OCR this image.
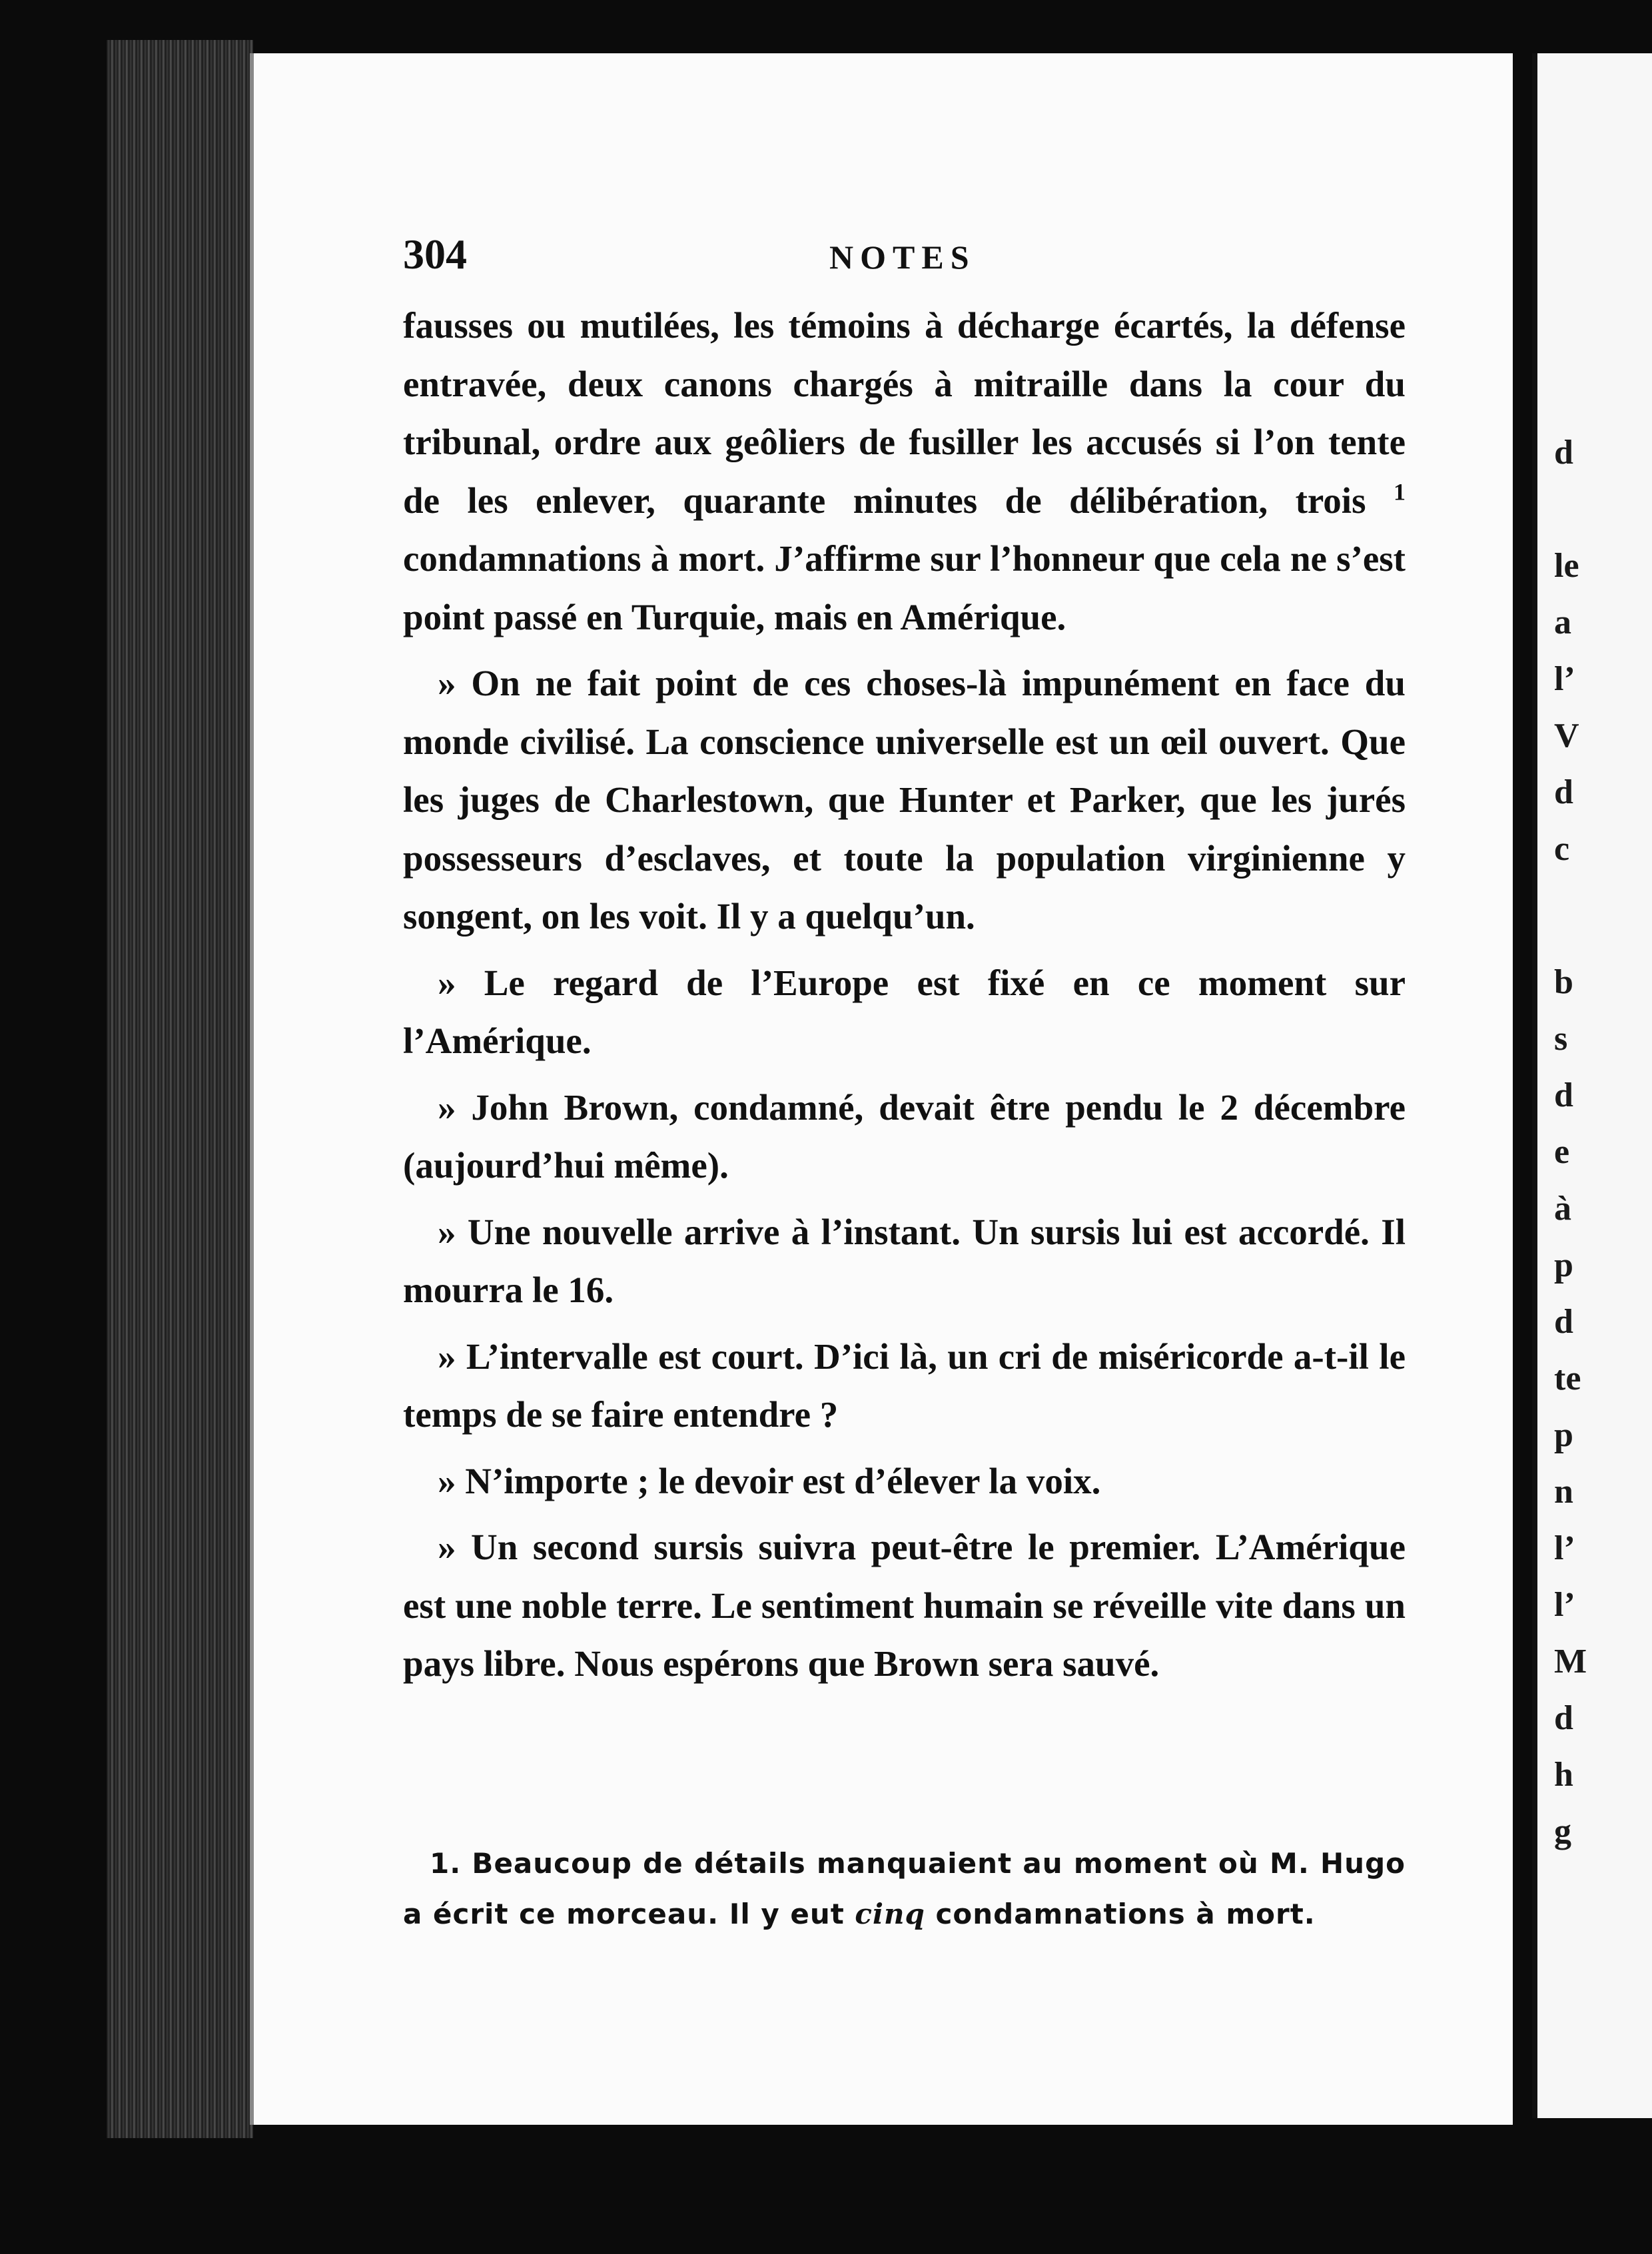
d
le
a
l’
V
d
c
b
s
d
e
à
p
d
te
p
n
l’
l’
M
d
h
g
304	NOTES

fausses ou mutilées, les témoins à décharge écartés, la défense entravée, deux canons chargés à mitraille dans la cour du tribunal, ordre aux geôliers de fusiller les accusés si l’on tente de les enlever, quarante minutes de délibération, trois $^1$ condamnations à mort. J’affirme sur l’honneur que cela ne s’est point passé en Turquie, mais en Amérique.

» On ne fait point de ces choses-là impunément en face du monde civilisé. La conscience universelle est un œil ouvert. Que les juges de Charlestown, que Hunter et Parker, que les jurés possesseurs d’esclaves, et toute la population virginienne y songent, on les voit. Il y a quelqu’un.

» Le regard de l’Europe est fixé en ce moment sur l’Amérique.

» John Brown, condamné, devait être pendu le 2 décembre (aujourd’hui même).

» Une nouvelle arrive à l’instant. Un sursis lui est accordé. Il mourra le 16.

» L’intervalle est court. D’ici là, un cri de miséricorde a-t-il le temps de se faire entendre ?

» N’importe ; le devoir est d’élever la voix.

» Un second sursis suivra peut-être le premier. L’Amérique est une noble terre. Le sentiment humain se réveille vite dans un pays libre. Nous espérons que Brown sera sauvé.

1. Beaucoup de détails manquaient au moment où M. Hugo a écrit ce morceau. Il y eut cinq condamnations à mort.
